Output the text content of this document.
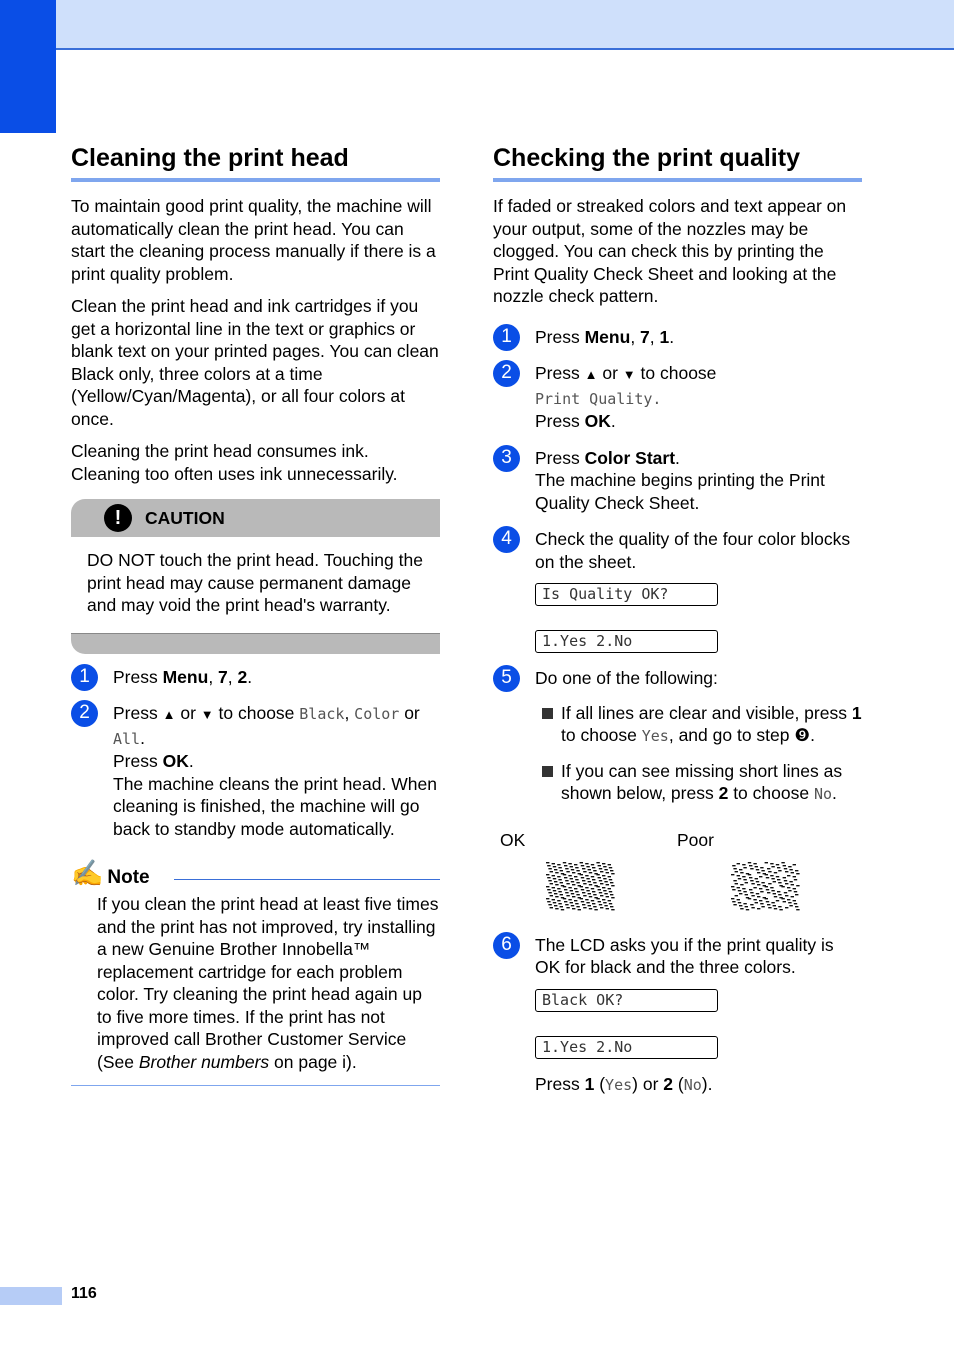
Cleaning the print head

To maintain good print quality, the machine will automatically clean the print head. You can start the cleaning process manually if there is a print quality problem.

Clean the print head and ink cartridges if you get a horizontal line in the text or graphics or blank text on your printed pages. You can clean Black only, three colors at a time (Yellow/Cyan/Magenta), or all four colors at once.

Cleaning the print head consumes ink. Cleaning too often uses ink unnecessarily.

!	CAUTION
DO NOT touch the print head. Touching the print head may cause permanent damage and may void the print head's warranty.
1	Press Menu, 7, 2.
2	Press ▲ or ▼ to choose Black, Color or All.
Press OK.
The machine cleans the print head. When cleaning is finished, the machine will go back to standby mode automatically.
✍ Note
If you clean the print head at least five times and the print has not improved, try installing a new Genuine Brother Innobella™ replacement cartridge for each problem color. Try cleaning the print head again up to five more times. If the print has not improved call Brother Customer Service (See Brother numbers on page i).
Checking the print quality

If faded or streaked colors and text appear on your output, some of the nozzles may be clogged. You can check this by printing the Print Quality Check Sheet and looking at the nozzle check pattern.

1	Press Menu, 7, 1.
2	Press ▲ or ▼ to choose
Print Quality.
Press OK.
3	Press Color Start.
The machine begins printing the Print Quality Check Sheet.
4	Check the quality of the four color blocks on the sheet.
Is Quality OK?
1.Yes 2.No
5	Do one of the following:
If all lines are clear and visible, press 1 to choose Yes, and go to step ❾.
If you can see missing short lines as shown below, press 2 to choose No.
OK	Poor
6	The LCD asks you if the print quality is OK for black and the three colors.
Black OK?
1.Yes 2.No
Press 1 (Yes) or 2 (No).
116
